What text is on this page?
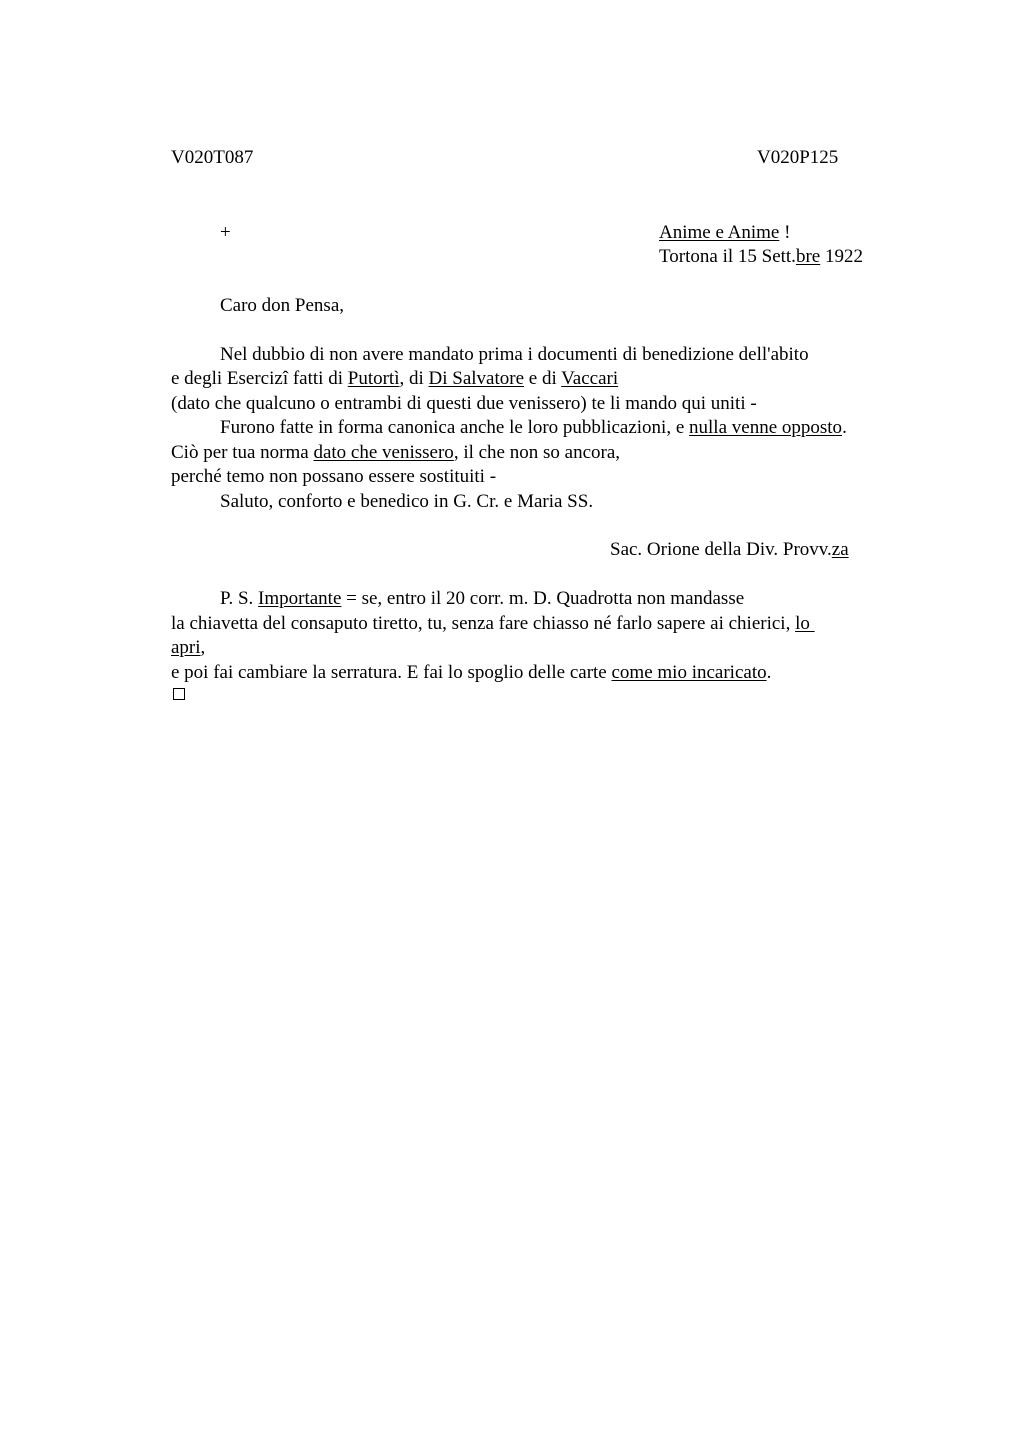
V020T087	V020P125
+	Anime e Anime !
Tortona il 15 Sett.bre 1922
Caro don Pensa,
Nel dubbio di non avere mandato prima i documenti di benedizione dell'abito
e degli Esercizi fatti di Putortì, di Di Salvatore e di Vaccari
(dato che qualcuno o entrambi di questi due venissero) te li mando qui uniti -
Furono fatte in forma canonica anche le loro pubblicazioni, e nulla venne opposto.
Ciò per tua norma dato che venissero, il che non so ancora,
perché temo non possano essere sostituiti -
Saluto, conforto e benedico in G. Cr. e Maria SS.
Sac. Orione della Div. Provv.za
P. S. Importante = se, entro il 20 corr. m. D. Quadrotta non mandasse
la chiavetta del consaputo tiretto, tu, senza fare chiasso né farlo sapere ai chierici, lo
apri,
e poi fai cambiare la serratura. E fai lo spoglio delle carte come mio incaricato.
